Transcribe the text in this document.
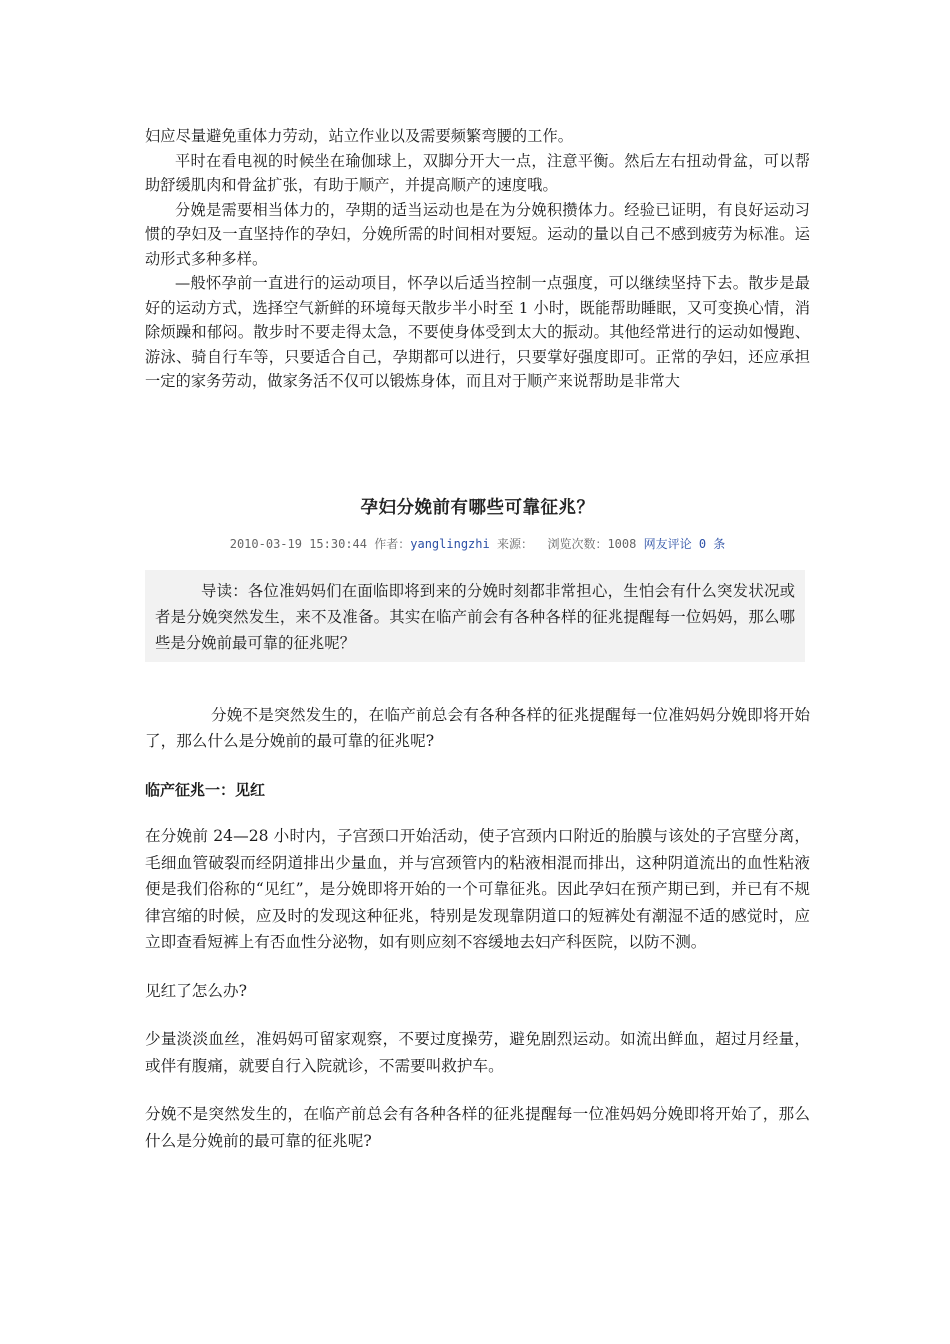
妇应尽量避免重体力劳动，站立作业以及需要频繁弯腰的工作。

平时在看电视的时候坐在瑜伽球上，双脚分开大一点，注意平衡。然后左右扭动骨盆，可以帮助舒缓肌肉和骨盆扩张，有助于顺产，并提高顺产的速度哦。

分娩是需要相当体力的，孕期的适当运动也是在为分娩积攒体力。经验已证明，有良好运动习惯的孕妇及一直坚持作的孕妇，分娩所需的时间相对要短。运动的量以自己不感到疲劳为标准。运动形式多种多样。

—般怀孕前一直进行的运动项目，怀孕以后适当控制一点强度，可以继续坚持下去。散步是最好的运动方式，选择空气新鲜的环境每天散步半小时至 1 小时，既能帮助睡眠，又可变换心情，消除烦躁和郁闷。散步时不要走得太急，不要使身体受到太大的振动。其他经常进行的运动如慢跑、游泳、骑自行车等，只要适合自己，孕期都可以进行，只要掌好强度即可。正常的孕妇，还应承担一定的家务劳动，做家务活不仅可以锻炼身体，而且对于顺产来说帮助是非常大

孕妇分娩前有哪些可靠征兆？
2010-03-19 15:30:44 作者：yanglingzhi 来源： 浏览次数：1008 网友评论 0 条

导读：各位准妈妈们在面临即将到来的分娩时刻都非常担心，生怕会有什么突发状况或者是分娩突然发生，来不及准备。其实在临产前会有各种各样的征兆提醒每一位妈妈，那么哪些是分娩前最可靠的征兆呢？

分娩不是突然发生的，在临产前总会有各种各样的征兆提醒每一位准妈妈分娩即将开始了，那么什么是分娩前的最可靠的征兆呢?

临产征兆一：见红

在分娩前 24—28 小时内，子宫颈口开始活动，使子宫颈内口附近的胎膜与该处的子宫壁分离，毛细血管破裂而经阴道排出少量血，并与宫颈管内的粘液相混而排出，这种阴道流出的血性粘液便是我们俗称的“见红”，是分娩即将开始的一个可靠征兆。因此孕妇在预产期已到，并已有不规律宫缩的时候，应及时的发现这种征兆，特别是发现靠阴道口的短裤处有潮湿不适的感觉时，应立即查看短裤上有否血性分泌物，如有则应刻不容缓地去妇产科医院，以防不测。

见红了怎么办?

少量淡淡血丝，准妈妈可留家观察，不要过度操劳，避免剧烈运动。如流出鲜血，超过月经量，或伴有腹痛，就要自行入院就诊，不需要叫救护车。

分娩不是突然发生的，在临产前总会有各种各样的征兆提醒每一位准妈妈分娩即将开始了，那么什么是分娩前的最可靠的征兆呢?
